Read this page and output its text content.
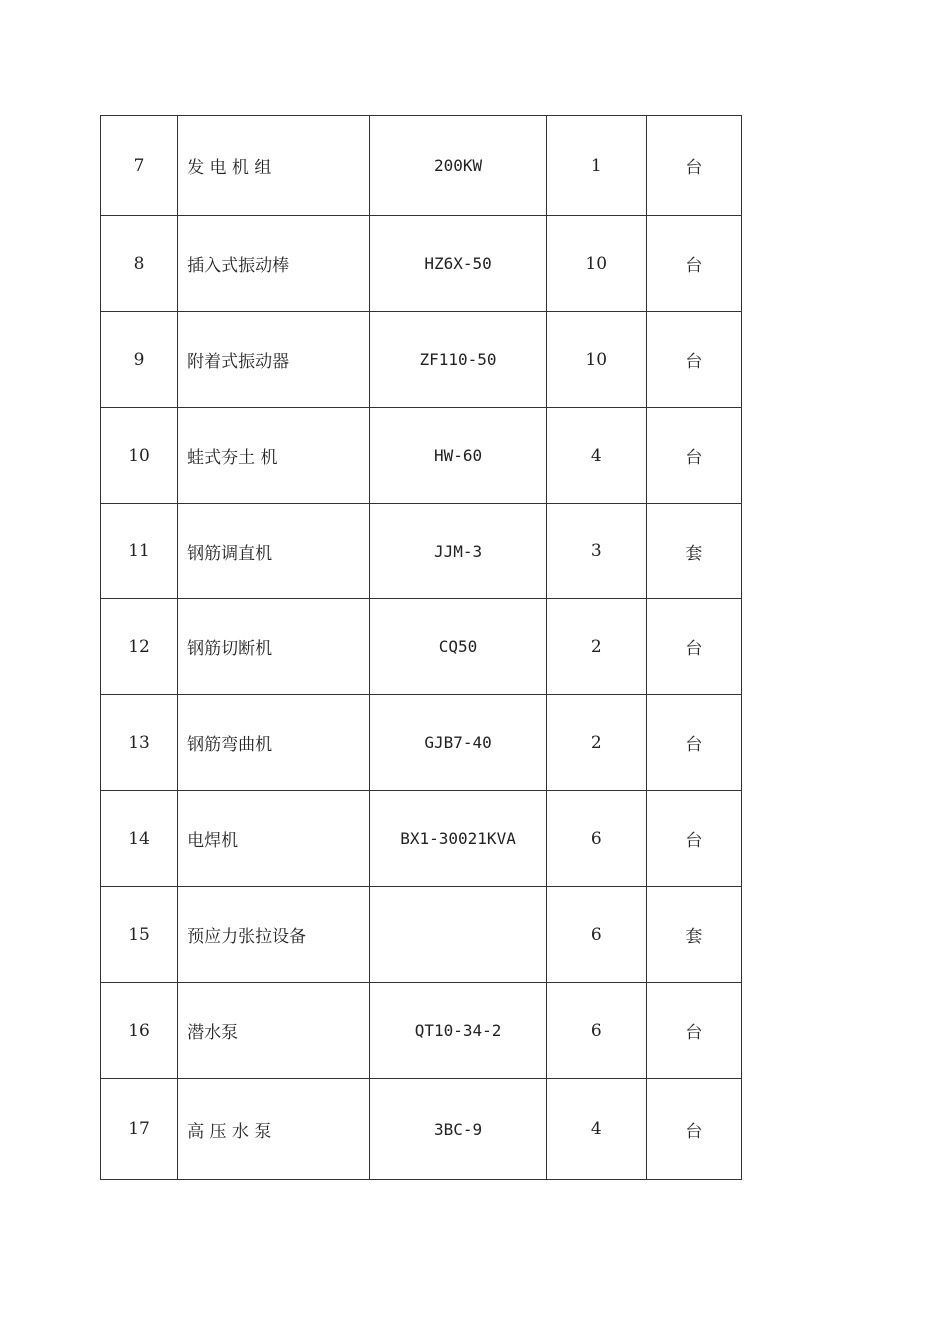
7	发 电 机 组	200KW	1	台
8	插入式振动棒	HZ6X-50	10	台
9	附着式振动器	ZF110-50	10	台
10	蛙式夯土 机	HW-60	4	台
11	钢筋调直机	JJM-3	3	套
12	钢筋切断机	CQ50	2	台
13	钢筋弯曲机	GJB7-40	2	台
14	电焊机	BX1-30021KVA	6	台
15	预应力张拉设备		6	套
16	潜水泵	QT10-34-2	6	台
17	高 压 水 泵	3BC-9	4	台
